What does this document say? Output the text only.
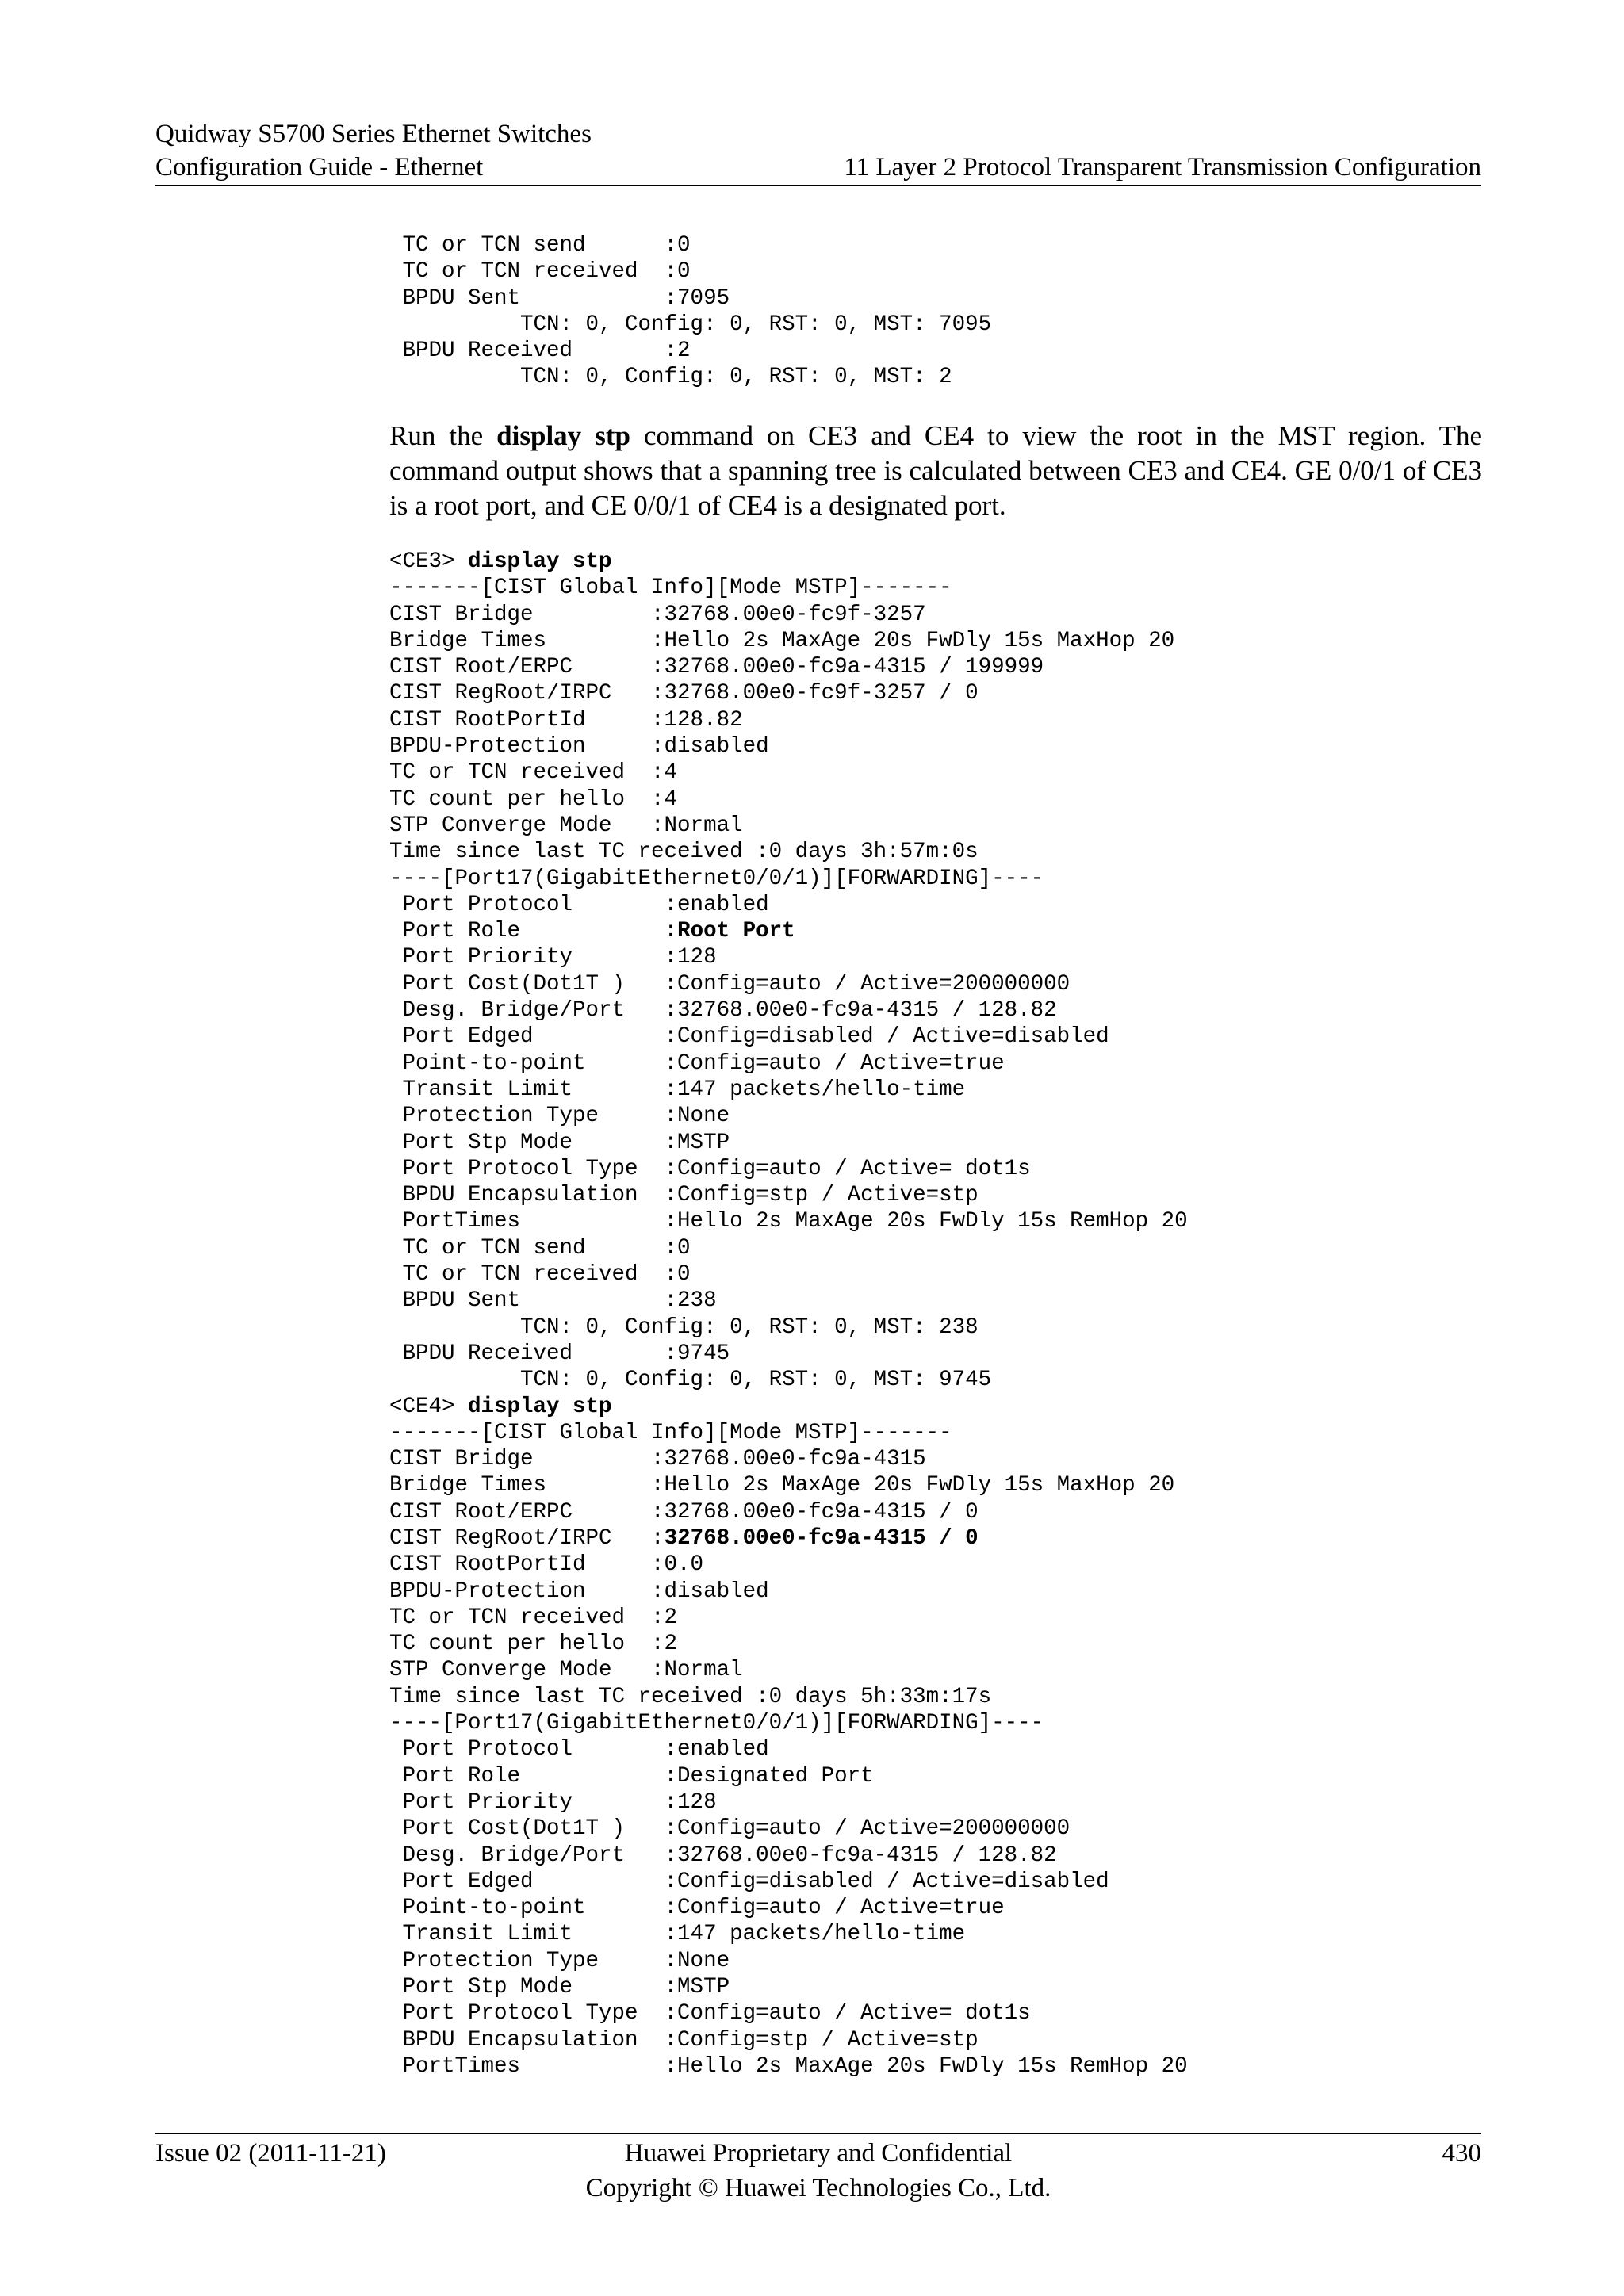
Quidway S5700 Series Ethernet Switches
Configuration Guide - Ethernet	11 Layer 2 Protocol Transparent Transmission Configuration
TC or TCN send      :0
TC or TCN received  :0
BPDU Sent           :7095
TCN: 0, Config: 0, RST: 0, MST: 7095
BPDU Received       :2
TCN: 0, Config: 0, RST: 0, MST: 2

Run the display stp command on CE3 and CE4 to view the root in the MST region. The command output shows that a spanning tree is calculated between CE3 and CE4. GE 0/0/1 of CE3 is a root port, and CE 0/0/1 of CE4 is a designated port.

<CE3> display stp
-------[CIST Global Info][Mode MSTP]-------
CIST Bridge         :32768.00e0-fc9f-3257
Bridge Times        :Hello 2s MaxAge 20s FwDly 15s MaxHop 20
CIST Root/ERPC      :32768.00e0-fc9a-4315 / 199999
CIST RegRoot/IRPC   :32768.00e0-fc9f-3257 / 0
CIST RootPortId     :128.82
BPDU-Protection     :disabled
TC or TCN received  :4
TC count per hello  :4
STP Converge Mode   :Normal
Time since last TC received :0 days 3h:57m:0s
----[Port17(GigabitEthernet0/0/1)][FORWARDING]----
Port Protocol       :enabled
Port Role           :Root Port
Port Priority       :128
Port Cost(Dot1T )   :Config=auto / Active=200000000
Desg. Bridge/Port   :32768.00e0-fc9a-4315 / 128.82
Port Edged          :Config=disabled / Active=disabled
Point-to-point      :Config=auto / Active=true
Transit Limit       :147 packets/hello-time
Protection Type     :None
Port Stp Mode       :MSTP
Port Protocol Type  :Config=auto / Active= dot1s
BPDU Encapsulation  :Config=stp / Active=stp
PortTimes           :Hello 2s MaxAge 20s FwDly 15s RemHop 20
TC or TCN send      :0
TC or TCN received  :0
BPDU Sent           :238
TCN: 0, Config: 0, RST: 0, MST: 238
BPDU Received       :9745
TCN: 0, Config: 0, RST: 0, MST: 9745
<CE4> display stp
-------[CIST Global Info][Mode MSTP]-------
CIST Bridge         :32768.00e0-fc9a-4315
Bridge Times        :Hello 2s MaxAge 20s FwDly 15s MaxHop 20
CIST Root/ERPC      :32768.00e0-fc9a-4315 / 0
CIST RegRoot/IRPC   :32768.00e0-fc9a-4315 / 0
CIST RootPortId     :0.0
BPDU-Protection     :disabled
TC or TCN received  :2
TC count per hello  :2
STP Converge Mode   :Normal
Time since last TC received :0 days 5h:33m:17s
----[Port17(GigabitEthernet0/0/1)][FORWARDING]----
Port Protocol       :enabled
Port Role           :Designated Port
Port Priority       :128
Port Cost(Dot1T )   :Config=auto / Active=200000000
Desg. Bridge/Port   :32768.00e0-fc9a-4315 / 128.82
Port Edged          :Config=disabled / Active=disabled
Point-to-point      :Config=auto / Active=true
Transit Limit       :147 packets/hello-time
Protection Type     :None
Port Stp Mode       :MSTP
Port Protocol Type  :Config=auto / Active= dot1s
BPDU Encapsulation  :Config=stp / Active=stp
PortTimes           :Hello 2s MaxAge 20s FwDly 15s RemHop 20
Issue 02 (2011-11-21)	Huawei Proprietary and Confidential	430
Copyright © Huawei Technologies Co., Ltd.
